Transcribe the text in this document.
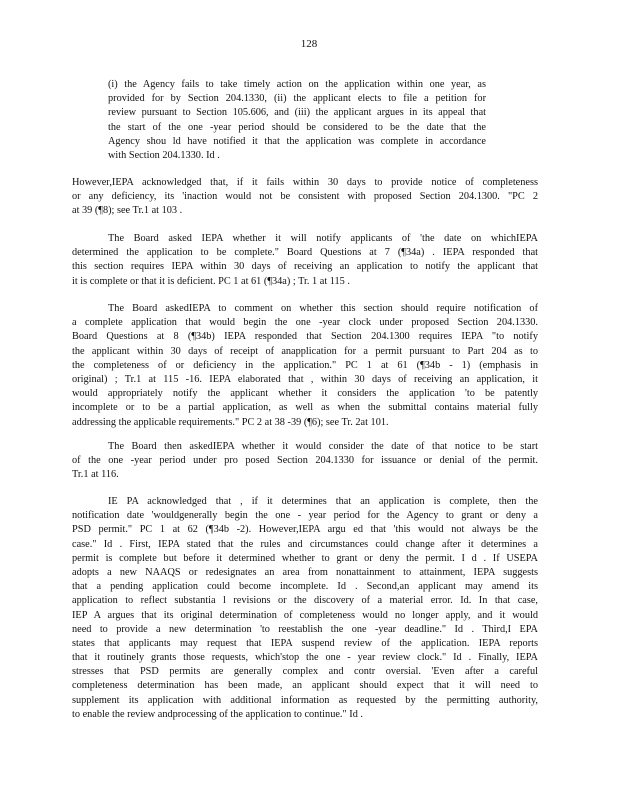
128
(i) the Agency fails to take timely action on the application within one year, as
provided for by Section 204.1330, (ii) the applicant elects to file a petition for
review pursuant to Section 105.606, and (iii) the applicant argues in its appeal that
the start of the one -year period should be considered to be the date that the
Agency shou ld have notified it that the application was complete in accordance
with Section 204.1330. Id .
However,IEPA acknowledged that, if it fails within 30 days to provide notice of completeness
or any deficiency, its 'inaction would not be consistent with proposed Section 204.1300. "PC 2
at 39 (¶8); see Tr.1 at 103 .
The Board asked IEPA whether it will notify applicants of 'the date on whichIEPA
determined the application to be complete." Board Questions at 7 (¶34a) . IEPA responded that
this section requires IEPA within 30 days of receiving an application to notify the applicant that
it is complete or that it is deficient. PC 1 at 61 (¶34a) ; Tr. 1 at 115 .
The Board askedIEPA to comment on whether this section should require notification of
a complete application that would begin the one -year clock under proposed Section 204.1330.
Board Questions at 8 (¶34b) IEPA responded that Section 204.1300 requires IEPA "to notify
the applicant within 30 days of receipt of anapplication for a permit pursuant to Part 204 as to
the completeness of or deficiency in the application." PC 1 at 61 (¶34b - 1) (emphasis in
original) ; Tr.1 at 115 -16. IEPA elaborated that , within 30 days of receiving an application, it
would appropriately notify the applicant whether it considers the application 'to be patently
incomplete or to be a partial application, as well as when the submittal contains material fully
addressing the applicable requirements." PC 2 at 38 -39 (¶6); see Tr. 2at 101.
The Board then askedIEPA whether it would consider the date of that notice to be start
of the one -year period under pro posed Section 204.1330 for issuance or denial of the permit.
Tr.1 at 116.
IE PA acknowledged that , if it determines that an application is complete, then the
notification date 'wouldgenerally begin the one - year period for the Agency to grant or deny a
PSD permit." PC 1 at 62 (¶34b -2). However,IEPA argu ed that 'this would not always be the
case." Id . First, IEPA stated that the rules and circumstances could change after it determines a
permit is complete but before it determined whether to grant or deny the permit. I d . If USEPA
adopts a new NAAQS or redesignates an area from nonattainment to attainment, IEPA suggests
that a pending application could become incomplete. Id . Second,an applicant may amend its
application to reflect substantia l revisions or the discovery of a material error. Id. In that case,
IEP A argues that its original determination of completeness would no longer apply, and it would
need to provide a new determination 'to reestablish the one -year deadline." Id . Third,I EPA
states that applicants may request that IEPA suspend review of the application. IEPA reports
that it routinely grants those requests, which'stop the one - year review clock." Id . Finally, IEPA
stresses that PSD permits are generally complex and contr oversial. 'Even after a careful
completeness determination has been made, an applicant should expect that it will need to
supplement its application with additional information as requested by the permitting authority,
to enable the review andprocessing of the application to continue." Id .
